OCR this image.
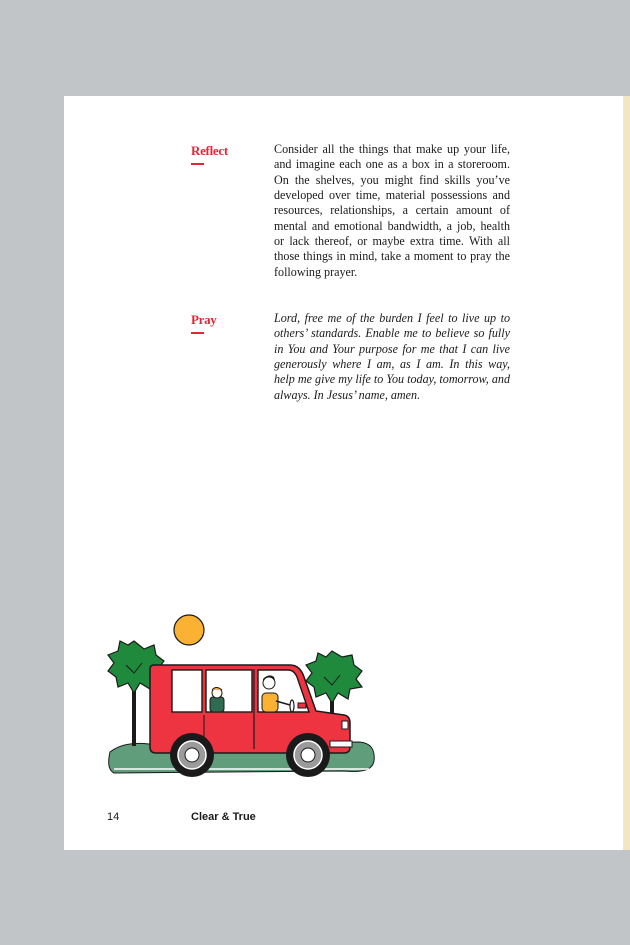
Reflect	Consider all the things that make up your life, and imagine each one as a box in a storeroom. On the shelves, you might find skills you’ve developed over time, material possessions and resources, relationships, a certain amount of mental and emotional bandwidth, a job, health or lack thereof, or maybe extra time. With all those things in mind, take a moment to pray the following prayer.

Pray	Lord, free me of the burden I feel to live up to others’ standards. Enable me to believe so fully in You and Your purpose for me that I can live generously where I am, as I am. In this way, help me give my life to You today, tomorrow, and always. In Jesus’ name, amen.

14	Clear & True
